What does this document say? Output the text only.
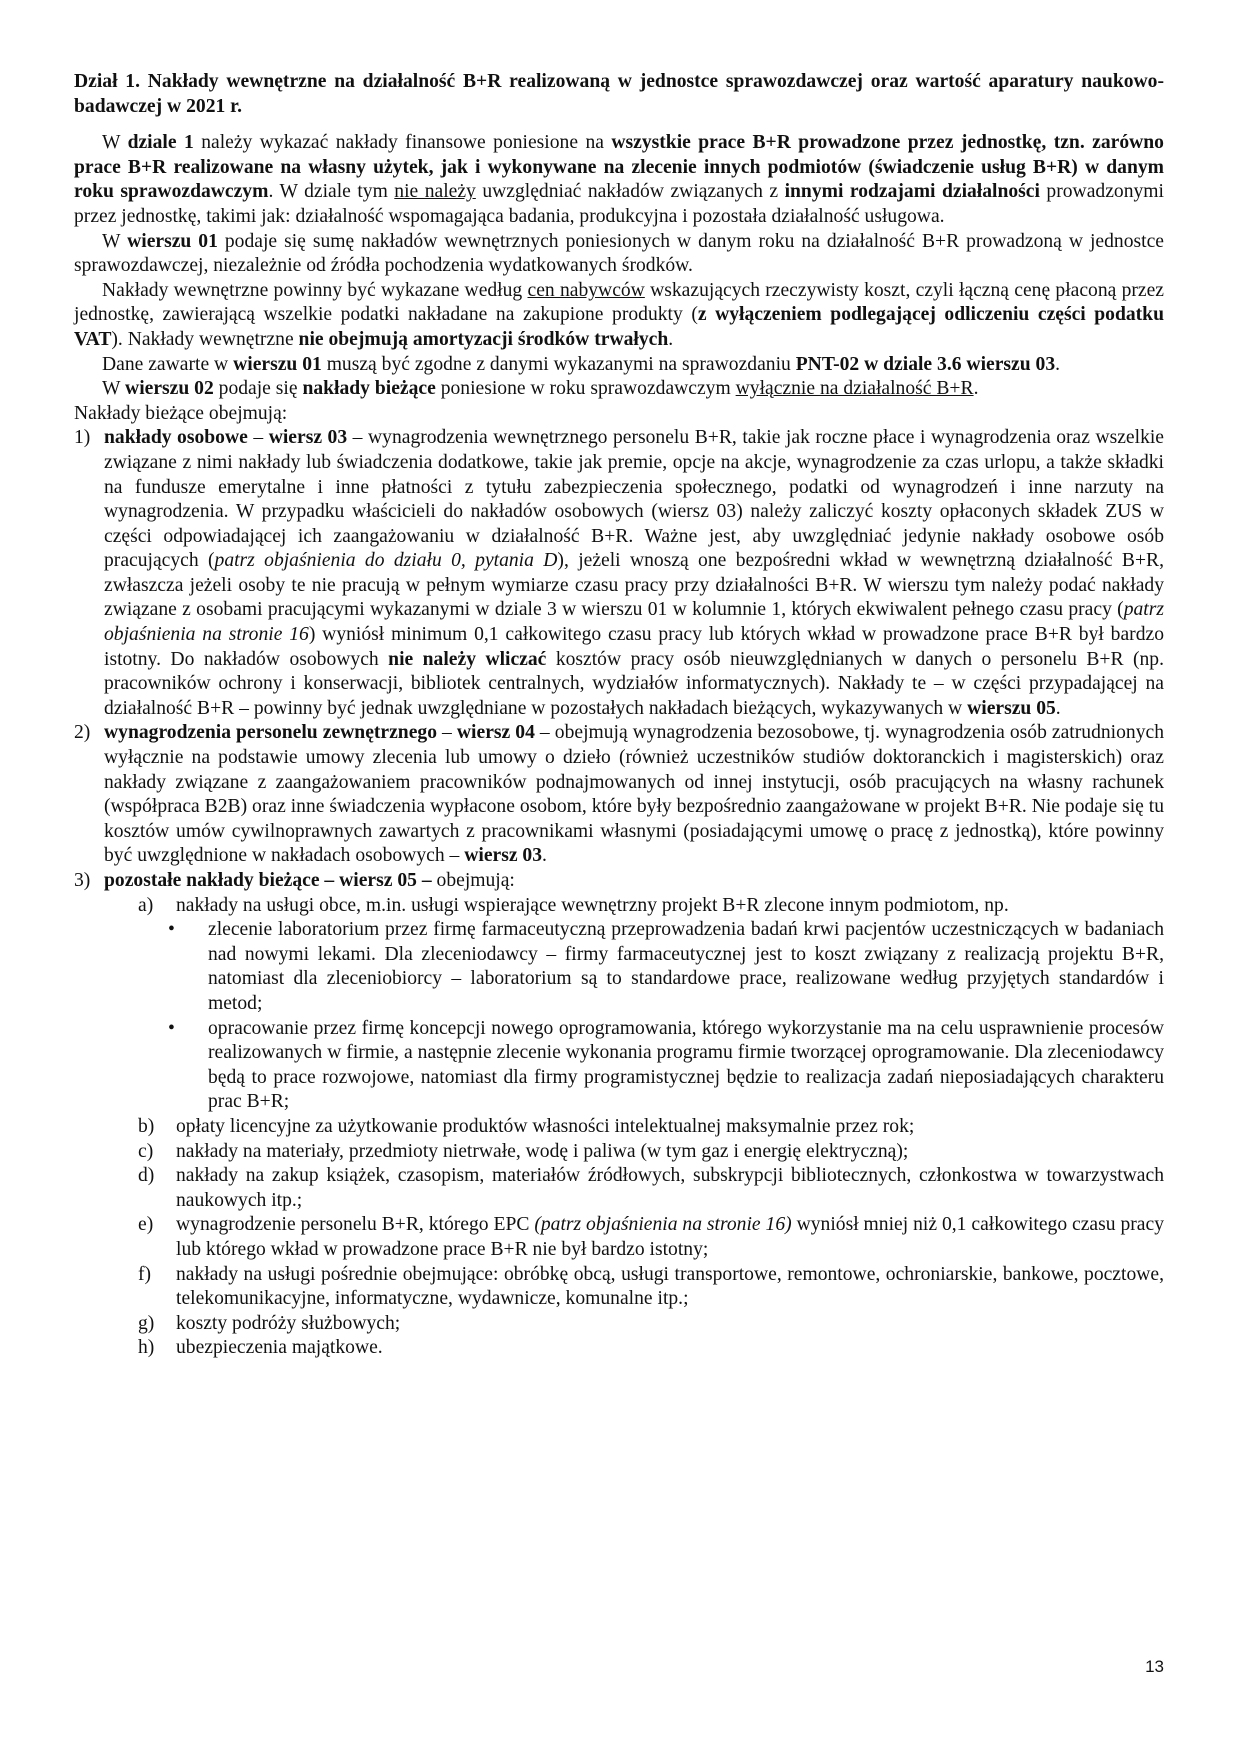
Dział 1. Nakłady wewnętrzne na działalność B+R realizowaną w jednostce sprawozdawczej oraz wartość aparatury naukowo-badawczej w 2021 r.

W dziale 1 należy wykazać nakłady finansowe poniesione na wszystkie prace B+R prowadzone przez jednostkę, tzn. zarówno prace B+R realizowane na własny użytek, jak i wykonywane na zlecenie innych podmiotów (świadczenie usług B+R) w danym roku sprawozdawczym. W dziale tym nie należy uwzględniać nakładów związanych z innymi rodzajami działalności prowadzonymi przez jednostkę, takimi jak: działalność wspomagająca badania, produkcyjna i pozostała działalność usługowa.

W wierszu 01 podaje się sumę nakładów wewnętrznych poniesionych w danym roku na działalność B+R prowadzoną w jednostce sprawozdawczej, niezależnie od źródła pochodzenia wydatkowanych środków.

Nakłady wewnętrzne powinny być wykazane według cen nabywców wskazujących rzeczywisty koszt, czyli łączną cenę płaconą przez jednostkę, zawierającą wszelkie podatki nakładane na zakupione produkty (z wyłączeniem podlegającej odliczeniu części podatku VAT). Nakłady wewnętrzne nie obejmują amortyzacji środków trwałych.

Dane zawarte w wierszu 01 muszą być zgodne z danymi wykazanymi na sprawozdaniu PNT-02 w dziale 3.6 wierszu 03.

W wierszu 02 podaje się nakłady bieżące poniesione w roku sprawozdawczym wyłącznie na działalność B+R.

Nakłady bieżące obejmują:

1) nakłady osobowe – wiersz 03 – wynagrodzenia wewnętrznego personelu B+R, takie jak roczne płace i wynagrodzenia oraz wszelkie związane z nimi nakłady lub świadczenia dodatkowe, takie jak premie, opcje na akcje, wynagrodzenie za czas urlopu, a także składki na fundusze emerytalne i inne płatności z tytułu zabezpieczenia społecznego, podatki od wynagrodzeń i inne narzuty na wynagrodzenia. W przypadku właścicieli do nakładów osobowych (wiersz 03) należy zaliczyć koszty opłaconych składek ZUS w części odpowiadającej ich zaangażowaniu w działalność B+R. Ważne jest, aby uwzględniać jedynie nakłady osobowe osób pracujących (patrz objaśnienia do działu 0, pytania D), jeżeli wnoszą one bezpośredni wkład w wewnętrzną działalność B+R, zwłaszcza jeżeli osoby te nie pracują w pełnym wymiarze czasu pracy przy działalności B+R. W wierszu tym należy podać nakłady związane z osobami pracującymi wykazanymi w dziale 3 w wierszu 01 w kolumnie 1, których ekwiwalent pełnego czasu pracy (patrz objaśnienia na stronie 16) wyniósł minimum 0,1 całkowitego czasu pracy lub których wkład w prowadzone prace B+R był bardzo istotny. Do nakładów osobowych nie należy wliczać kosztów pracy osób nieuwzględnianych w danych o personelu B+R (np. pracowników ochrony i konserwacji, bibliotek centralnych, wydziałów informatycznych). Nakłady te – w części przypadającej na działalność B+R – powinny być jednak uwzględniane w pozostałych nakładach bieżących, wykazywanych w wierszu 05.
2) wynagrodzenia personelu zewnętrznego – wiersz 04 – obejmują wynagrodzenia bezosobowe, tj. wynagrodzenia osób zatrudnionych wyłącznie na podstawie umowy zlecenia lub umowy o dzieło (również uczestników studiów doktoranckich i magisterskich) oraz nakłady związane z zaangażowaniem pracowników podnajmowanych od innej instytucji, osób pracujących na własny rachunek (współpraca B2B) oraz inne świadczenia wypłacone osobom, które były bezpośrednio zaangażowane w projekt B+R. Nie podaje się tu kosztów umów cywilnoprawnych zawartych z pracownikami własnymi (posiadającymi umowę o pracę z jednostką), które powinny być uwzględnione w nakładach osobowych – wiersz 03.
3) pozostałe nakłady bieżące – wiersz 05 – obejmują:
a) nakłady na usługi obce, m.in. usługi wspierające wewnętrzny projekt B+R zlecone innym podmiotom, np.
• zlecenie laboratorium przez firmę farmaceutyczną przeprowadzenia badań krwi pacjentów uczestniczących w badaniach nad nowymi lekami. Dla zleceniodawcy – firmy farmaceutycznej jest to koszt związany z realizacją projektu B+R, natomiast dla zleceniobiorcy – laboratorium są to standardowe prace, realizowane według przyjętych standardów i metod;
• opracowanie przez firmę koncepcji nowego oprogramowania, którego wykorzystanie ma na celu usprawnienie procesów realizowanych w firmie, a następnie zlecenie wykonania programu firmie tworzącej oprogramowanie. Dla zleceniodawcy będą to prace rozwojowe, natomiast dla firmy programistycznej będzie to realizacja zadań nieposiadających charakteru prac B+R;
b) opłaty licencyjne za użytkowanie produktów własności intelektualnej maksymalnie przez rok;
c) nakłady na materiały, przedmioty nietrwałe, wodę i paliwa (w tym gaz i energię elektryczną);
d) nakłady na zakup książek, czasopism, materiałów źródłowych, subskrypcji bibliotecznych, członkostwa w towarzystwach naukowych itp.;
e) wynagrodzenie personelu B+R, którego EPC (patrz objaśnienia na stronie 16) wyniósł mniej niż 0,1 całkowitego czasu pracy lub którego wkład w prowadzone prace B+R nie był bardzo istotny;
f) nakłady na usługi pośrednie obejmujące: obróbkę obcą, usługi transportowe, remontowe, ochroniarskie, bankowe, pocztowe, telekomunikacyjne, informatyczne, wydawnicze, komunalne itp.;
g) koszty podróży służbowych;
h) ubezpieczenia majątkowe.
13
